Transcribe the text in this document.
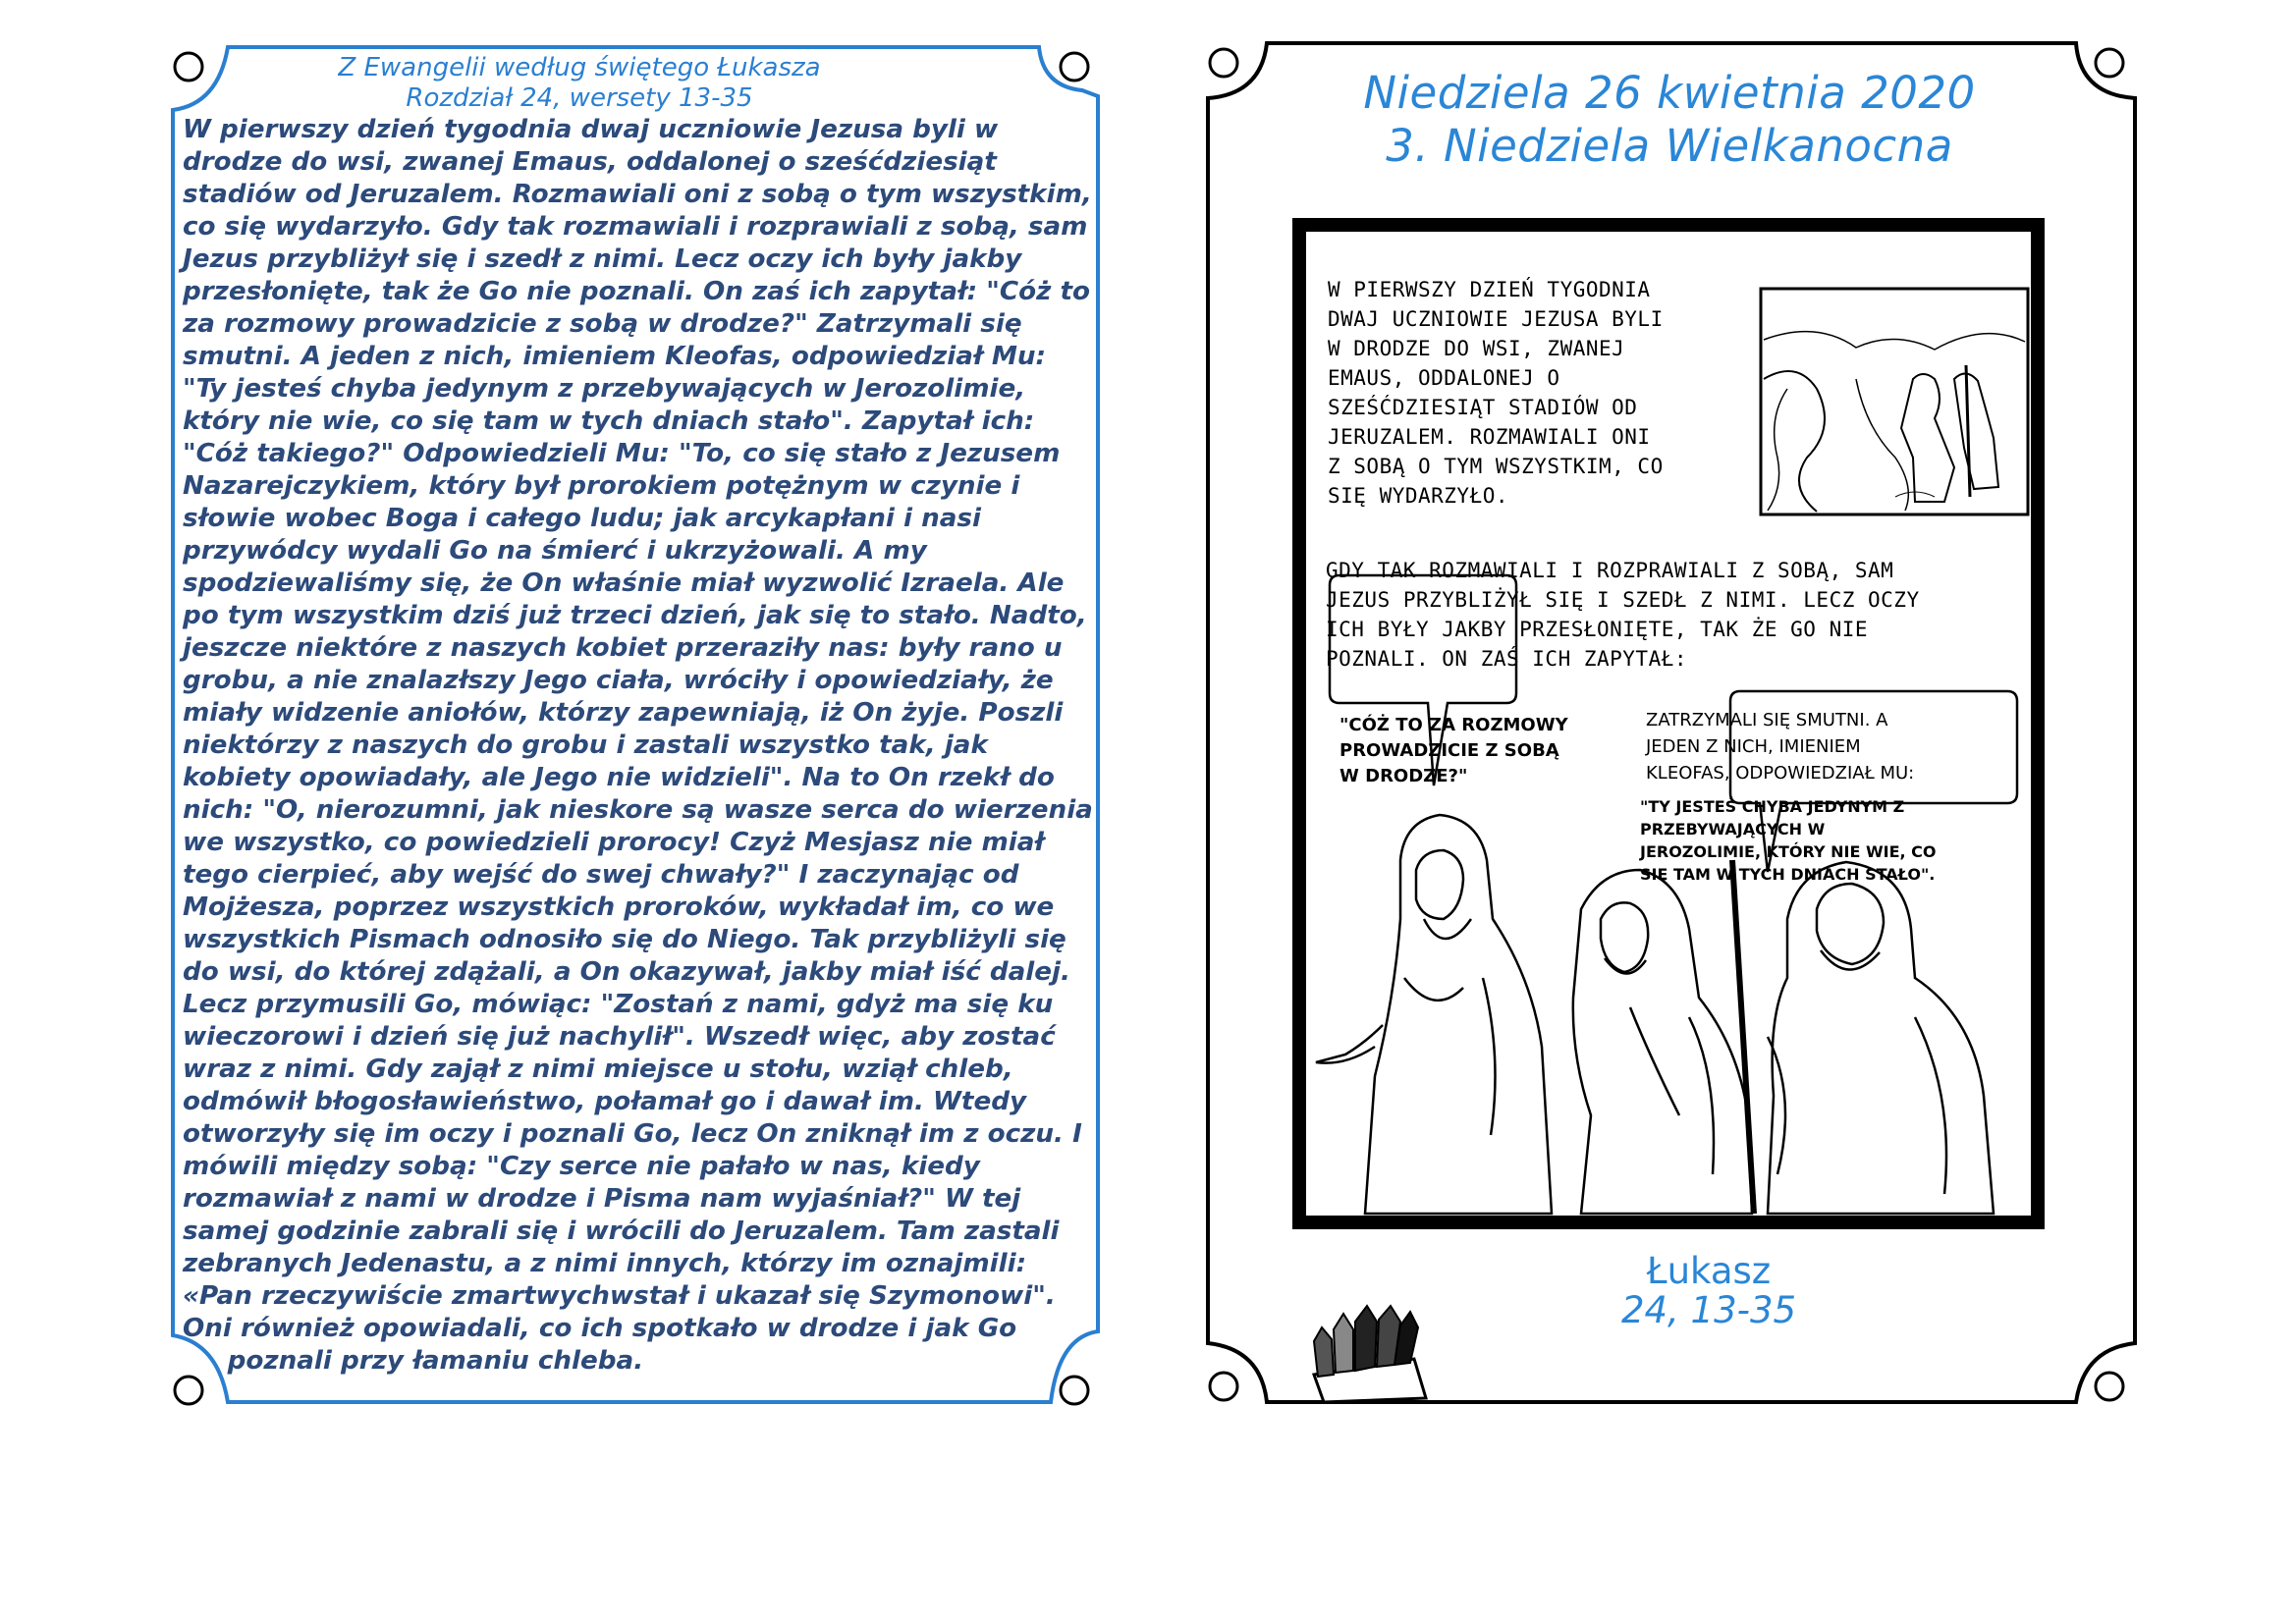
Z Ewangelii według świętego Łukasza
Rozdział 24, wersety 13-35
W pierwszy dzień tygodnia dwaj uczniowie Jezusa byli w
drodze do wsi, zwanej Emaus, oddalonej o sześćdziesiąt
stadiów od Jeruzalem. Rozmawiali oni z sobą o tym wszystkim,
co się wydarzyło. Gdy tak rozmawiali i rozprawiali z sobą, sam
Jezus przybliżył się i szedł z nimi. Lecz oczy ich były jakby
przesłonięte, tak że Go nie poznali. On zaś ich zapytał: "Cóż to
za rozmowy prowadzicie z sobą w drodze?" Zatrzymali się
smutni. A jeden z nich, imieniem Kleofas, odpowiedział Mu:
"Ty jesteś chyba jedynym z przebywających w Jerozolimie,
który nie wie, co się tam w tych dniach stało". Zapytał ich:
"Cóż takiego?" Odpowiedzieli Mu: "To, co się stało z Jezusem
Nazarejczykiem, który był prorokiem potężnym w czynie i
słowie wobec Boga i całego ludu; jak arcykapłani i nasi
przywódcy wydali Go na śmierć i ukrzyżowali. A my
spodziewaliśmy się, że On właśnie miał wyzwolić Izraela. Ale
po tym wszystkim dziś już trzeci dzień, jak się to stało. Nadto,
jeszcze niektóre z naszych kobiet przeraziły nas: były rano u
grobu, a nie znalazłszy Jego ciała, wróciły i opowiedziały, że
miały widzenie aniołów, którzy zapewniają, iż On żyje. Poszli
niektórzy z naszych do grobu i zastali wszystko tak, jak
kobiety opowiadały, ale Jego nie widzieli". Na to On rzekł do
nich: "O, nierozumni, jak nieskore są wasze serca do wierzenia
we wszystko, co powiedzieli prorocy! Czyż Mesjasz nie miał
tego cierpieć, aby wejść do swej chwały?" I zaczynając od
Mojżesza, poprzez wszystkich proroków, wykładał im, co we
wszystkich Pismach odnosiło się do Niego. Tak przybliżyli się
do wsi, do której zdążali, a On okazywał, jakby miał iść dalej.
Lecz przymusili Go, mówiąc: "Zostań z nami, gdyż ma się ku
wieczorowi i dzień się już nachylił". Wszedł więc, aby zostać
wraz z nimi. Gdy zajął z nimi miejsce u stołu, wziął chleb,
odmówił błogosławieństwo, połamał go i dawał im. Wtedy
otworzyły się im oczy i poznali Go, lecz On zniknął im z oczu. I
mówili między sobą: "Czy serce nie pałało w nas, kiedy
rozmawiał z nami w drodze i Pisma nam wyjaśniał?" W tej
samej godzinie zabrali się i wrócili do Jeruzalem. Tam zastali
zebranych Jedenastu, a z nimi innych, którzy im oznajmili:
«Pan rzeczywiście zmartwychwstał i ukazał się Szymonowi".
Oni również opowiadali, co ich spotkało w drodze i jak Go
poznali przy łamaniu chleba.
Niedziela 26 kwietnia 2020
3. Niedziela Wielkanocna
W PIERWSZY DZIEŃ TYGODNIA
DWAJ UCZNIOWIE JEZUSA BYLI
W DRODZE DO WSI, ZWANEJ
EMAUS, ODDALONEJ O
SZEŚĆDZIESIĄT STADIÓW OD
JERUZALEM. ROZMAWIALI ONI
Z SOBĄ O TYM WSZYSTKIM, CO
SIĘ WYDARZYŁO.
GDY TAK ROZMAWIALI I ROZPRAWIALI Z SOBĄ, SAM
JEZUS PRZYBLIŻYŁ SIĘ I SZEDŁ Z NIMI. LECZ OCZY
ICH BYŁY JAKBY PRZESŁONIĘTE, TAK ŻE GO NIE
POZNALI. ON ZAŚ ICH ZAPYTAŁ:
"CÓŻ TO ZA ROZMOWY
PROWADZICIE Z SOBĄ
W DRODZE?"
ZATRZYMALI SIĘ SMUTNI. A
JEDEN Z NICH, IMIENIEM
KLEOFAS, ODPOWIEDZIAŁ MU:
"TY JESTEŚ CHYBA JEDYNYM Z
PRZEBYWAJĄCYCH W
JEROZOLIMIE, KTÓRY NIE WIE, CO
SIĘ TAM W TYCH DNIACH STAŁO".
Łukasz
24, 13-35
